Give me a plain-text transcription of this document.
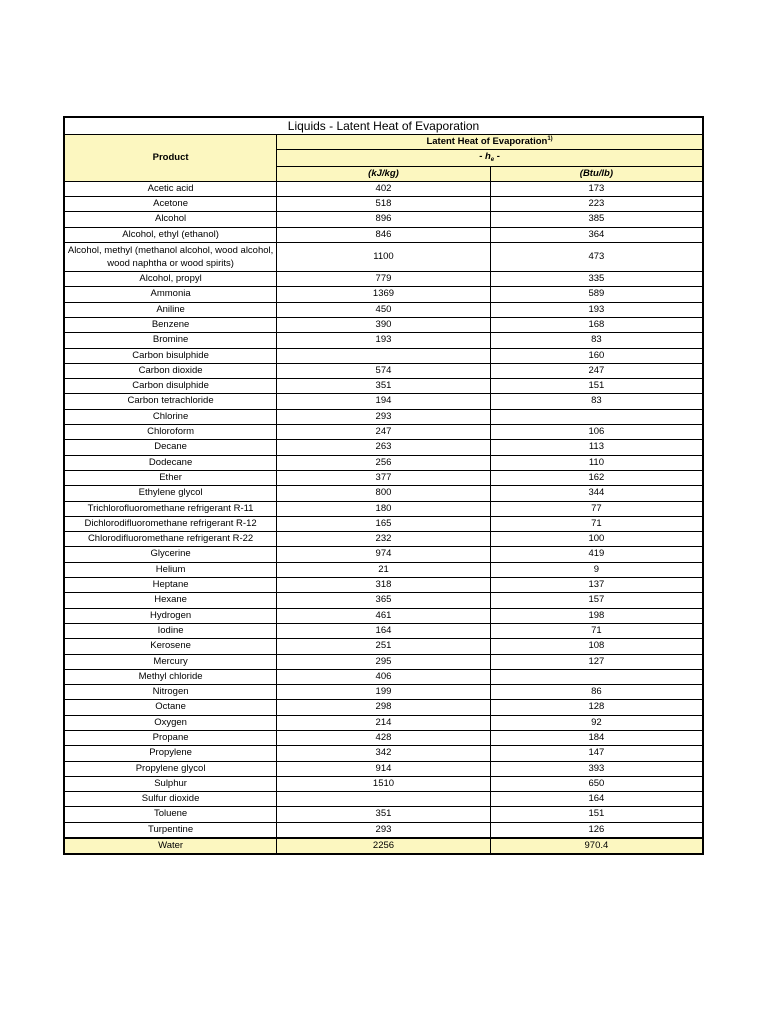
Liquids - Latent Heat of Evaporation		
Product	Latent Heat of Evaporation$^{1)}$
	- $h_e$ -	
	(kJ/kg)	(Btu/lb)
Acetic acid	402	173
Acetone	518	223
Alcohol	896	385
Alcohol, ethyl (ethanol)	846	364
Alcohol, methyl (methanol alcohol, wood alcohol, wood naphtha or wood spirits)	1100	473
Alcohol, propyl	779	335
Ammonia	1369	589
Aniline	450	193
Benzene	390	168
Bromine	193	83
Carbon bisulphide		160
Carbon dioxide	574	247
Carbon disulphide	351	151
Carbon tetrachloride	194	83
Chlorine	293	
Chloroform	247	106
Decane	263	113
Dodecane	256	110
Ether	377	162
Ethylene glycol	800	344
Trichlorofluoromethane refrigerant R-11	180	77
Dichlorodifluoromethane refrigerant R-12	165	71
Chlorodifluoromethane refrigerant R-22	232	100
Glycerine	974	419
Helium	21	9
Heptane	318	137
Hexane	365	157
Hydrogen	461	198
Iodine	164	71
Kerosene	251	108
Mercury	295	127
Methyl chloride	406	
Nitrogen	199	86
Octane	298	128
Oxygen	214	92
Propane	428	184
Propylene	342	147
Propylene glycol	914	393
Sulphur	1510	650
Sulfur dioxide		164
Toluene	351	151
Turpentine	293	126
Water	2256	970.4
